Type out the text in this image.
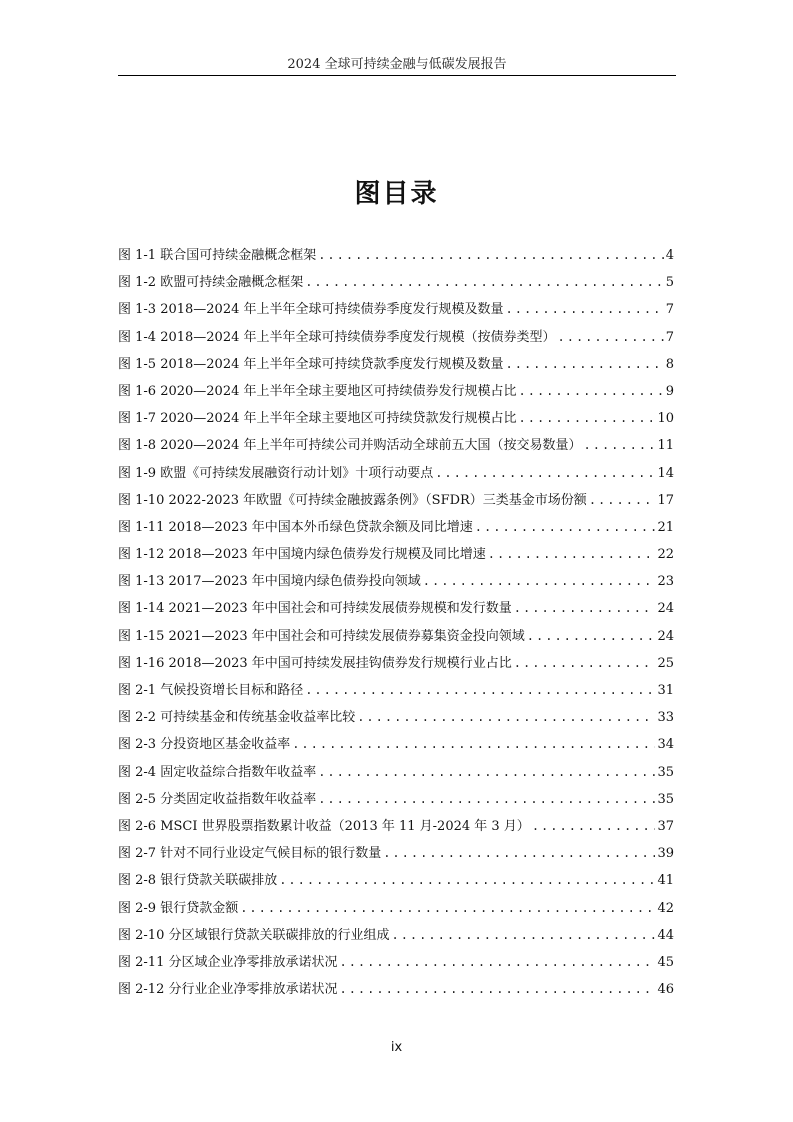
2024 全球可持续金融与低碳发展报告
图目录
图 1-1 联合国可持续金融概念框架 .....	4
图 1-2 欧盟可持续金融概念框架 .....	5
图 1-3 2018—2024 年上半年全球可持续债券季度发行规模及数量 .....	7
图 1-4 2018—2024 年上半年全球可持续债券季度发行规模（按债券类型） .....	7
图 1-5 2018—2024 年上半年全球可持续贷款季度发行规模及数量 .....	8
图 1-6 2020—2024 年上半年全球主要地区可持续债券发行规模占比 .....	9
图 1-7 2020—2024 年上半年全球主要地区可持续贷款发行规模占比 .....	10
图 1-8 2020—2024 年上半年可持续公司并购活动全球前五大国（按交易数量） .....	11
图 1-9 欧盟《可持续发展融资行动计划》十项行动要点 .....	14
图 1-10 2022-2023 年欧盟《可持续金融披露条例》（SFDR）三类基金市场份额 .....	17
图 1-11 2018—2023 年中国本外币绿色贷款余额及同比增速 .....	21
图 1-12 2018—2023 年中国境内绿色债券发行规模及同比增速 .....	22
图 1-13 2017—2023 年中国境内绿色债券投向领域 .....	23
图 1-14 2021—2023 年中国社会和可持续发展债券规模和发行数量 .....	24
图 1-15 2021—2023 年中国社会和可持续发展债券募集资金投向领域 .....	24
图 1-16 2018—2023 年中国可持续发展挂钩债券发行规模行业占比 .....	25
图 2-1 气候投资增长目标和路径 .....	31
图 2-2 可持续基金和传统基金收益率比较 .....	33
图 2-3 分投资地区基金收益率 .....	34
图 2-4 固定收益综合指数年收益率 .....	35
图 2-5 分类固定收益指数年收益率 .....	35
图 2-6 MSCI 世界股票指数累计收益（2013 年 11 月-2024 年 3 月） .....	37
图 2-7 针对不同行业设定气候目标的银行数量 .....	39
图 2-8 银行贷款关联碳排放 .....	41
图 2-9 银行贷款金额 .....	42
图 2-10 分区域银行贷款关联碳排放的行业组成 .....	44
图 2-11 分区域企业净零排放承诺状况 .....	45
图 2-12 分行业企业净零排放承诺状况 .....	46
ix
